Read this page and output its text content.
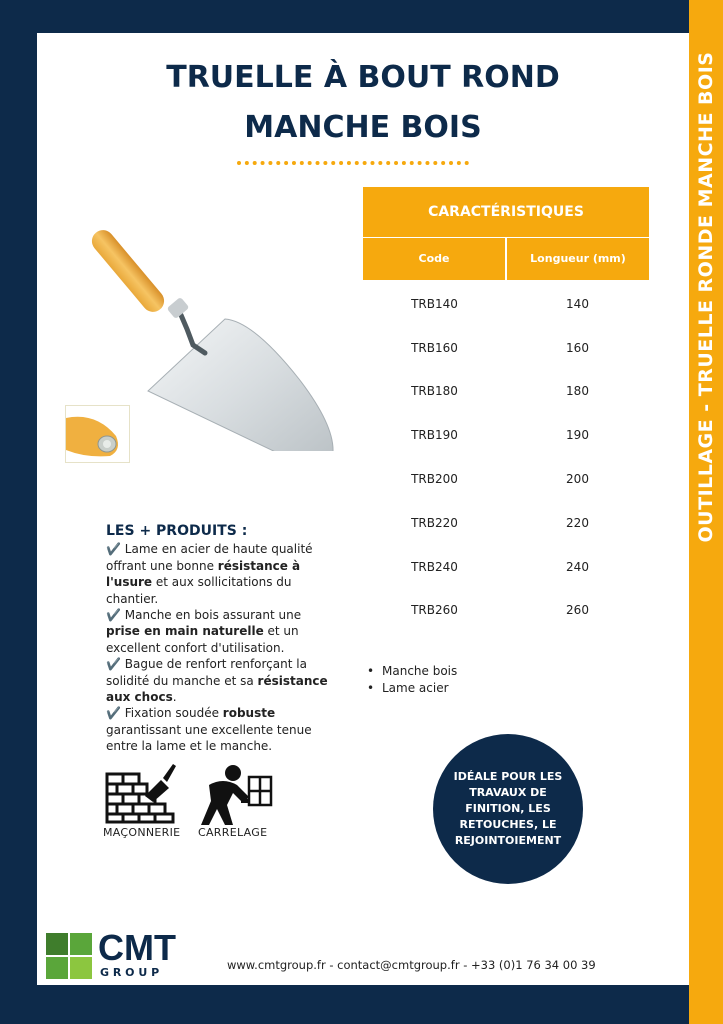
OUTILLAGE - TRUELLE RONDE MANCHE BOIS
TRUELLE À BOUT ROND
MANCHE BOIS
CARACTÉRISTIQUES
Code	Longueur (mm)
TRB140	140
TRB160	160
TRB180	180
TRB190	190
TRB200	200
TRB220	220
TRB240	240
TRB260	260
• Manche bois
• Lame acier
LES + PRODUITS :

✔️ Lame en acier de haute qualité offrant une bonne résistance à l'usure et aux sollicitations du chantier.

✔️ Manche en bois assurant une prise en main naturelle et un excellent confort d'utilisation.

✔️ Bague de renfort renforçant la solidité du manche et sa résistance aux chocs.

✔️ Fixation soudée robuste garantissant une excellente tenue entre la lame et le manche.

MAÇONNERIE CARRELAGE
IDÉALE POUR LES TRAVAUX DE FINITION, LES RETOUCHES, LE REJOINTOIEMENT
CMT
G R O U P
www.cmtgroup.fr - contact@cmtgroup.fr - +33 (0)1 76 34 00 39
